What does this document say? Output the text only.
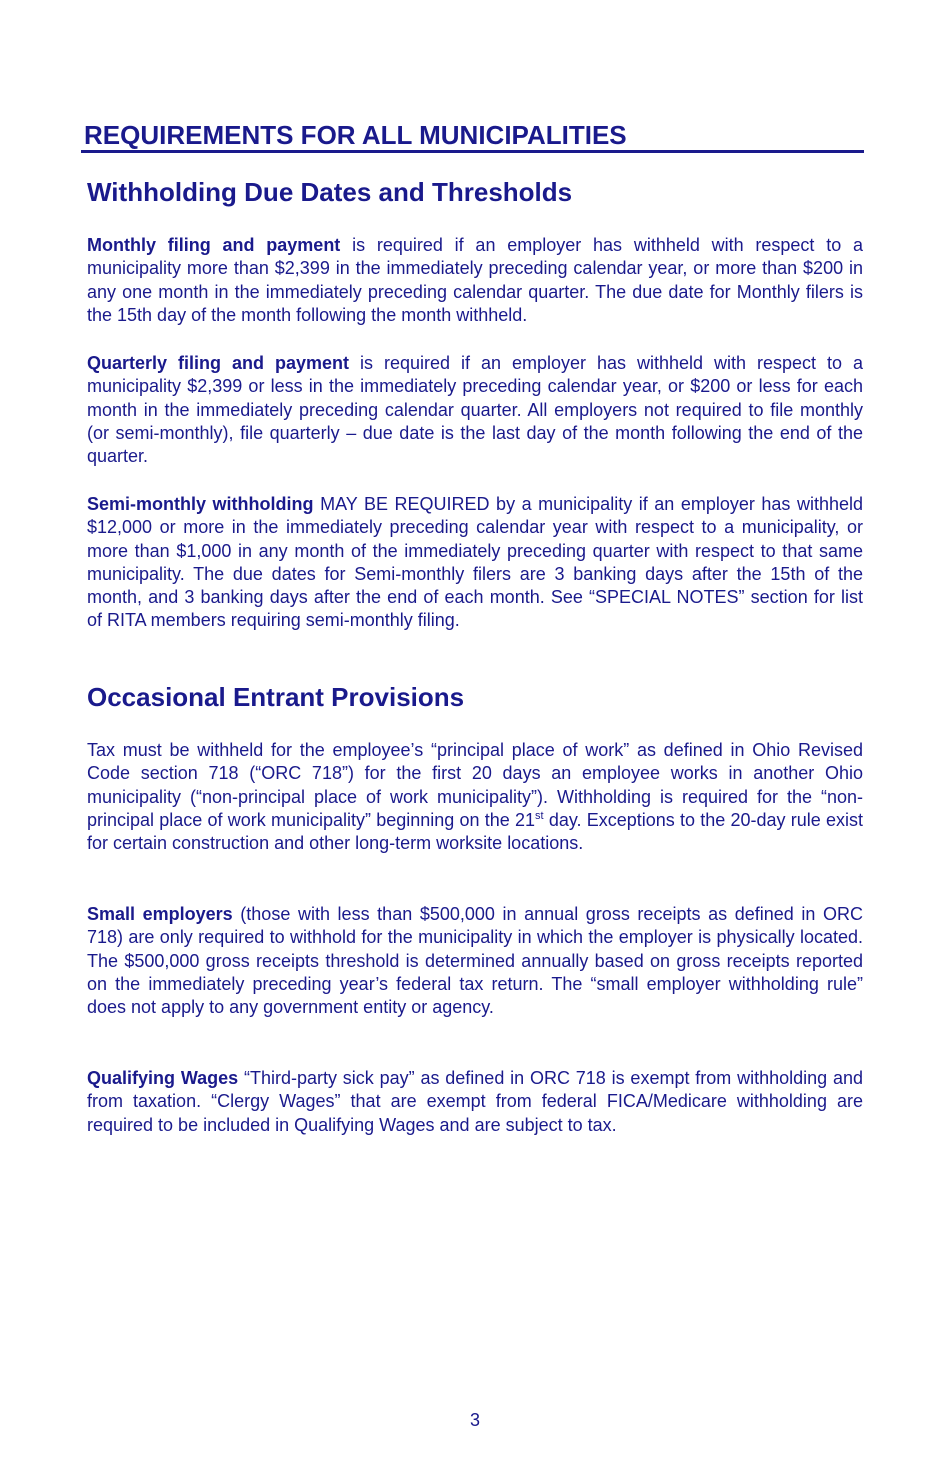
REQUIREMENTS FOR ALL MUNICIPALITIES
Withholding Due Dates and Thresholds

Monthly filing and payment is required if an employer has withheld with respect to a municipality more than $2,399 in the immediately preceding calendar year, or more than $200 in any one month in the immediately preceding calendar quarter. The due date for Monthly filers is the 15th day of the month following the month withheld.

Quarterly filing and payment is required if an employer has withheld with respect to a municipality $2,399 or less in the immediately preceding calendar year, or $200 or less for each month in the immediately preceding calendar quarter. All employers not required to file monthly (or semi-monthly), file quarterly – due date is the last day of the month following the end of the quarter.

Semi-monthly withholding MAY BE REQUIRED by a municipality if an employer has withheld $12,000 or more in the immediately preceding calendar year with respect to a municipality, or more than $1,000 in any month of the immediately preceding quarter with respect to that same municipality. The due dates for Semi-monthly filers are 3 banking days after the 15th of the month, and 3 banking days after the end of each month. See “SPECIAL NOTES” section for list of RITA members requiring semi-monthly filing.

Occasional Entrant Provisions

Tax must be withheld for the employee’s “principal place of work” as defined in Ohio Revised Code section 718 (“ORC 718”) for the first 20 days an employee works in another Ohio municipality (“non-principal place of work municipality”). Withholding is required for the “non-principal place of work municipality” beginning on the 21st day. Exceptions to the 20-day rule exist for certain construction and other long-term worksite locations.

Small employers (those with less than $500,000 in annual gross receipts as defined in ORC 718) are only required to withhold for the municipality in which the employer is physically located. The $500,000 gross receipts threshold is determined annually based on gross receipts reported on the immediately preceding year’s federal tax return. The “small employer withholding rule” does not apply to any government entity or agency.

Qualifying Wages “Third-party sick pay” as defined in ORC 718 is exempt from withholding and from taxation. “Clergy Wages” that are exempt from federal FICA/Medicare withholding are required to be included in Qualifying Wages and are subject to tax.

3
